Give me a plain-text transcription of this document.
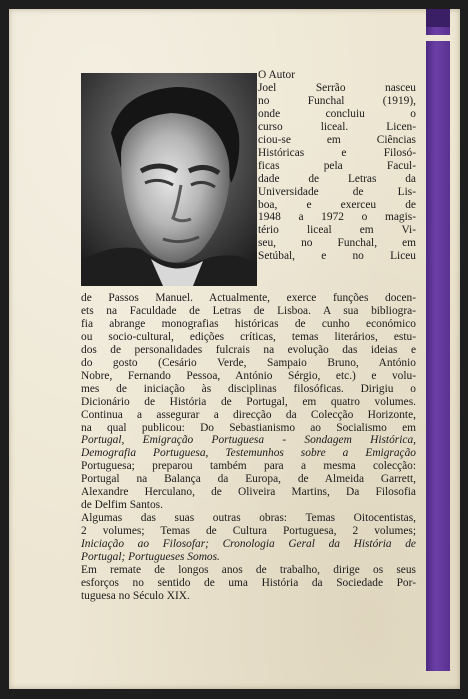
O Autor
Joel Serrão nasceu
no Funchal (1919),
onde concluiu o
curso liceal. Licen-
ciou-se em Ciências
Históricas e Filosó-
ficas pela Facul-
dade de Letras da
Universidade de Lis-
boa, e exerceu de
1948 a 1972 o magis-
tério liceal em Vi-
seu, no Funchal, em
Setúbal, e no Liceu
de Passos Manuel. Actualmente, exerce funções docen-
ets na Faculdade de Letras de Lisboa. A sua bibliogra-
fia abrange monografias históricas de cunho económico
ou socio-cultural, edições críticas, temas literários, estu-
dos de personalidades fulcrais na evolução das ideias e
do gosto (Cesário Verde, Sampaio Bruno, António
Nobre, Fernando Pessoa, António Sérgio, etc.) e volu-
mes de iniciação às disciplinas filosóficas. Dirigiu o
Dicionário de História de Portugal, em quatro volumes.
Continua a assegurar a direcção da Colecção Horizonte,
na qual publicou: Do Sebastianismo ao Socialismo em
Portugal, Emigração Portuguesa - Sondagem Histórica,
Demografia Portuguesa, Testemunhos sobre a Emigração
Portuguesa; preparou também para a mesma colecção:
Portugal na Balança da Europa, de Almeida Garrett,
Alexandre Herculano, de Oliveira Martins, Da Filosofia
de Delfim Santos.
Algumas das suas outras obras: Temas Oitocentistas,
2 volumes; Temas de Cultura Portuguesa, 2 volumes;
Iniciação ao Filosofar; Cronologia Geral da História de
Portugal; Portugueses Somos.
Em remate de longos anos de trabalho, dirige os seus
esforços no sentido de uma História da Sociedade Por-
tuguesa no Século XIX.
